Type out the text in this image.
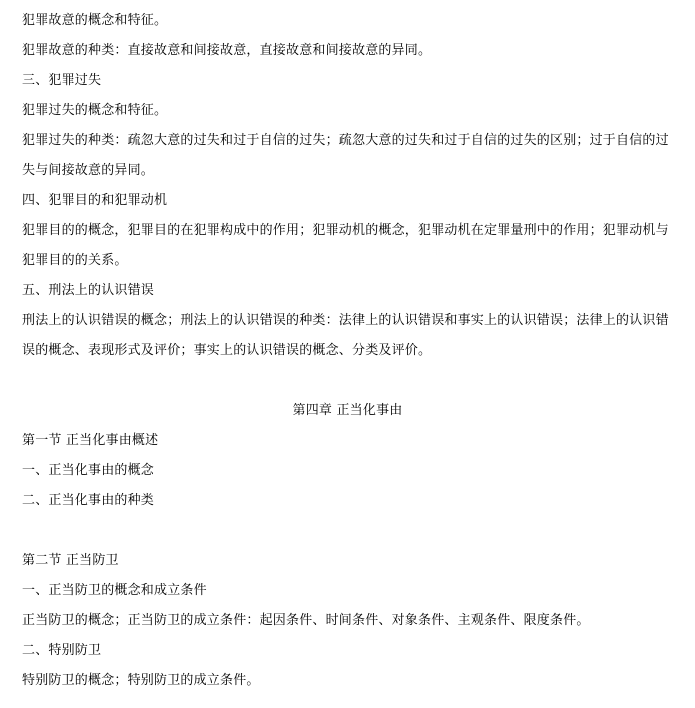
犯罪故意的概念和特征。
犯罪故意的种类：直接故意和间接故意，直接故意和间接故意的异同。
三、犯罪过失
犯罪过失的概念和特征。
犯罪过失的种类：疏忽大意的过失和过于自信的过失；疏忽大意的过失和过于自信的过失的区别；过于自信的过失与间接故意的异同。
四、犯罪目的和犯罪动机
犯罪目的的概念，犯罪目的在犯罪构成中的作用；犯罪动机的概念，犯罪动机在定罪量刑中的作用；犯罪动机与犯罪目的的关系。
五、刑法上的认识错误
刑法上的认识错误的概念；刑法上的认识错误的种类：法律上的认识错误和事实上的认识错误；法律上的认识错误的概念、表现形式及评价；事实上的认识错误的概念、分类及评价。
第四章 正当化事由
第一节 正当化事由概述
一、正当化事由的概念
二、正当化事由的种类
第二节 正当防卫
一、正当防卫的概念和成立条件
正当防卫的概念；正当防卫的成立条件：起因条件、时间条件、对象条件、主观条件、限度条件。
二、特别防卫
特别防卫的概念；特别防卫的成立条件。
